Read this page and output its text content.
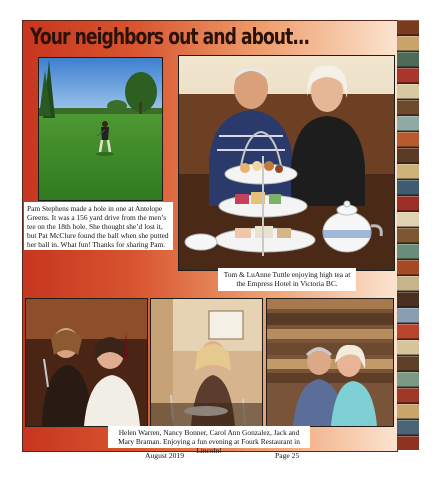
Your neighbors out and about...
Pam Stephens made a hole in one at Antelope Greens. It was a 156 yard drive from the men’s tee on the 18th hole. She thought she’d lost it, but Pat McClure found the ball when she putted her ball in. What fun! Thanks for sharing Pam.
Tom & LuAnne Tuttle enjoying high tea at the Empress Hotel in Victoria BC.
Helen Warren, Nancy Bonner, Carol Ann Gonzalez, Jack and Mary Braman. Enjoying a fun evening at Fourk Restaurant in Lincoln!
August 2019	Page 25
